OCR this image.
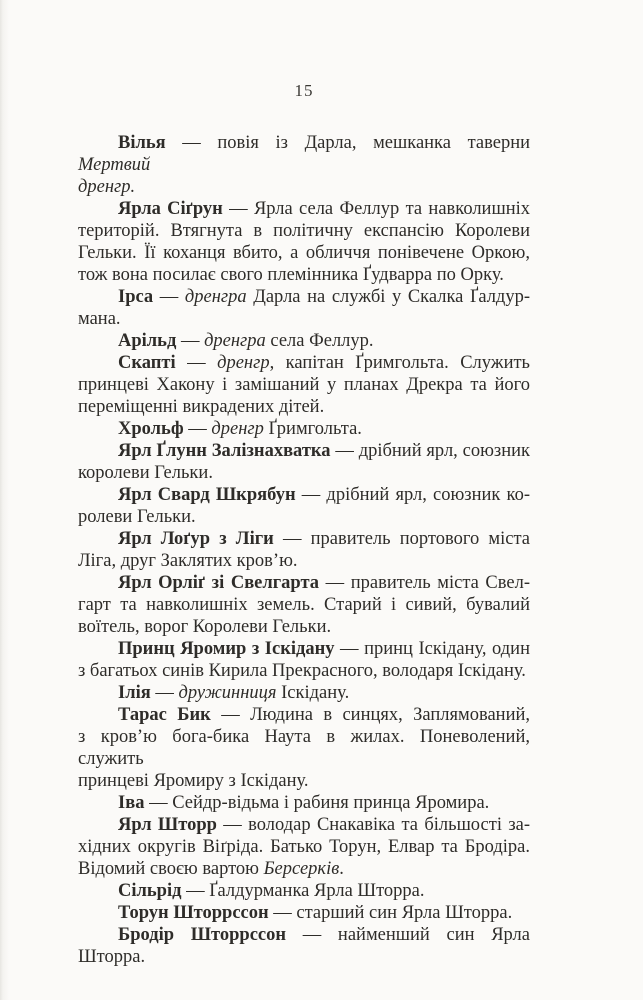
15
Вілья — повія із Дарла, мешканка таверни Мертвий
дренгр.
Ярла Сіґрун — Ярла села Феллур та навколишніх
територій. Втягнута в політичну експансію Королеви
Гельки. Її коханця вбито, а обличчя понівечене Оркою,
тож вона посилає свого племінника Ґудварра по Орку.
Ірса — дренгра Дарла на службі у Скалка Ґалдур-
мана.
Арільд — дренгра села Феллур.
Скапті — дренгр, капітан Ґримгольта. Служить
принцеві Хакону і замішаний у планах Дрекра та його
переміщенні викрадених дітей.
Хрольф — дренгр Ґримгольта.
Ярл Ґлунн Залізнахватка — дрібний ярл, союзник
королеви Гельки.
Ярл Свард Шкрябун — дрібний ярл, союзник ко-
ролеви Гельки.
Ярл Лоґур з Ліги — правитель портового міста
Ліга, друг Заклятих кров’ю.
Ярл Орліґ зі Свелгарта — правитель міста Свел-
гарт та навколишніх земель. Старий і сивий, бувалий
воїтель, ворог Королеви Гельки.
Принц Яромир з Іскідану — принц Іскідану, один
з багатьох синів Кирила Прекрасного, володаря Іскідану.
Ілія — дружинниця Іскідану.
Тарас Бик — Людина в синцях, Заплямований,
з кров’ю бога-бика Наута в жилах. Поневолений, служить
принцеві Яромиру з Іскідану.
Іва — Сейдр-відьма і рабиня принца Яромира.
Ярл Шторр — володар Снакавіка та більшості за-
хідних округів Віґріда. Батько Торун, Елвар та Бродіра.
Відомий своєю вартою Берсерків.
Сільрід — Ґалдурманка Ярла Шторра.
Торун Шторрссон — старший син Ярла Шторра.
Бродір Шторрссон — найменший син Ярла Шторра.
